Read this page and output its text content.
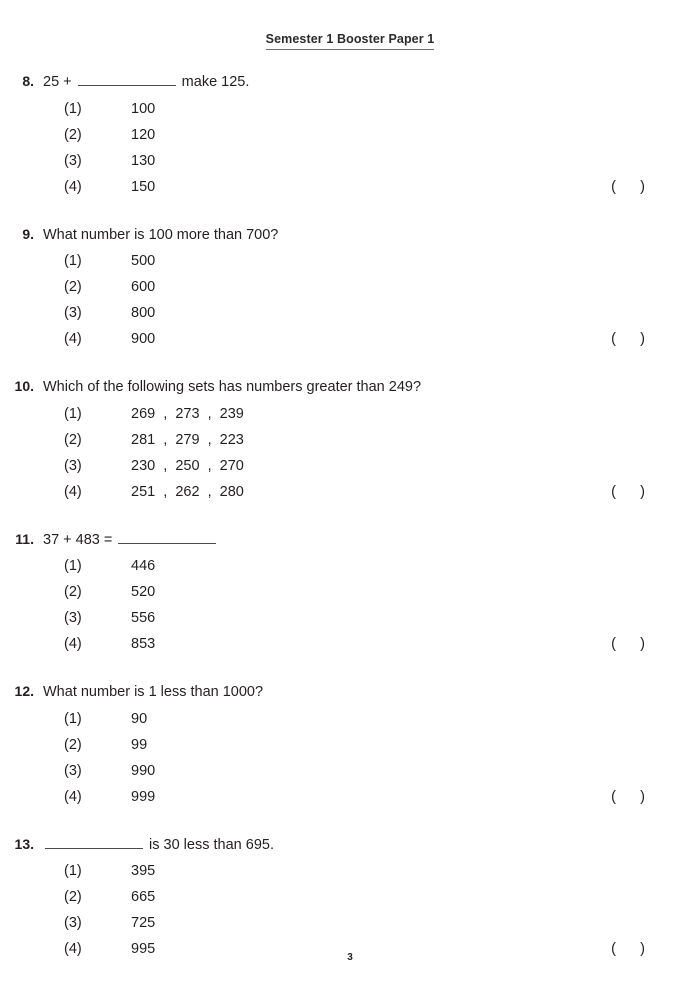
Semester 1 Booster Paper 1
8. 25 +	make 125.
(1)	100
(2)	120
(3)	130
(4)	150	(      )
9. What number is 100 more than 700?
(1)	500
(2)	600
(3)	800
(4)	900	(      )
10. Which of the following sets has numbers greater than 249?
(1)	269  ,  273  ,  239
(2)	281  ,  279  ,  223
(3)	230  ,  250  ,  270
(4)	251  ,  262  ,  280	(      )
11. 37 + 483 =
(1)	446
(2)	520
(3)	556
(4)	853	(      )
12. What number is 1 less than 1000?
(1)	90
(2)	99
(3)	990
(4)	999	(      )
13.	is 30 less than 695.
(1)	395
(2)	665
(3)	725
(4)	995	(      )
3
